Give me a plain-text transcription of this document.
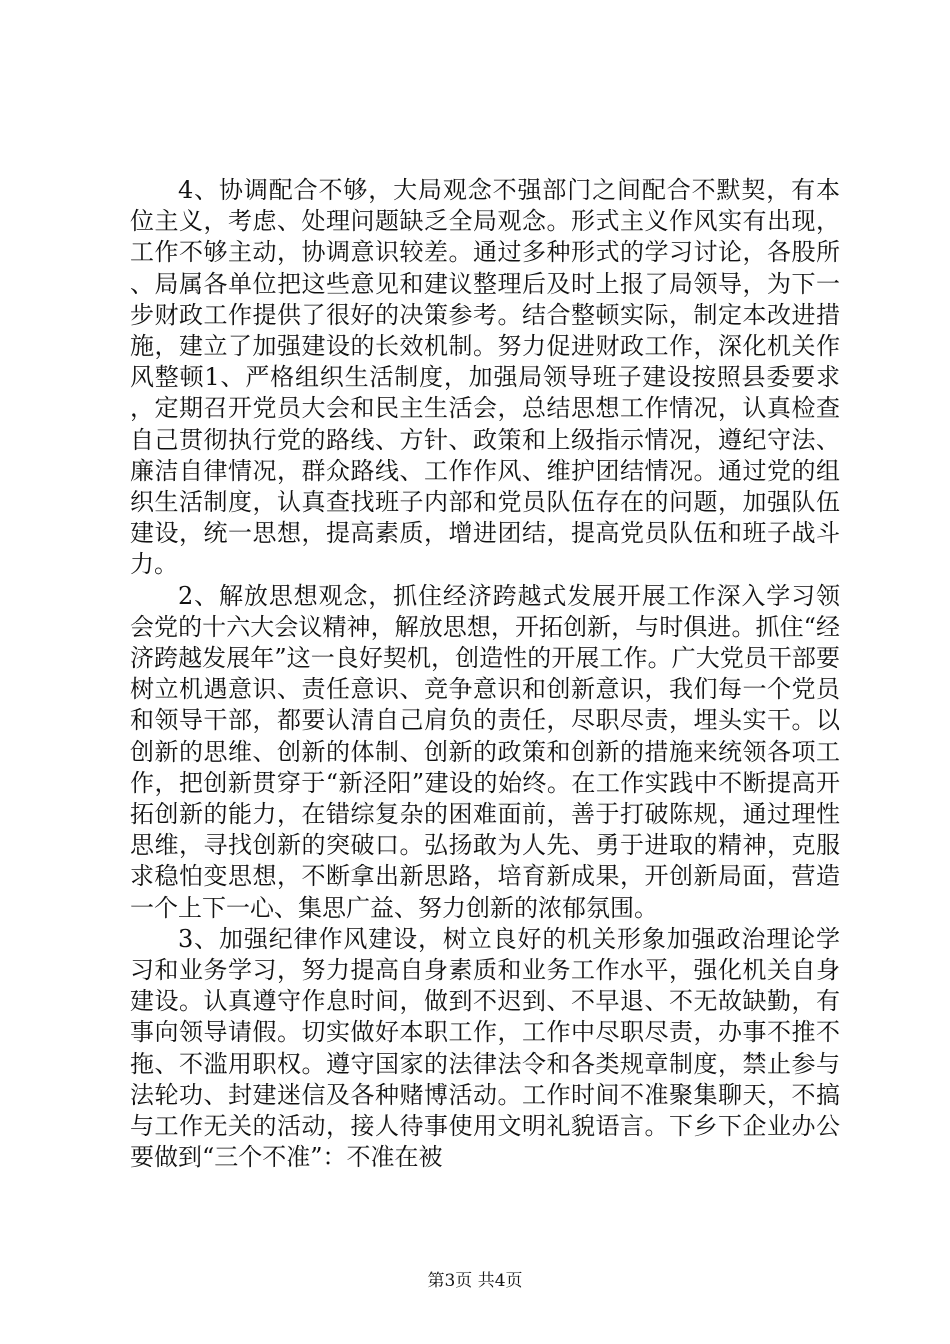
4、协调配合不够，大局观念不强部门之间配合不默契，有本位主义，考虑、处理问题缺乏全局观念。形式主义作风实有出现，工作不够主动，协调意识较差。通过多种形式的学习讨论，各股所、局属各单位把这些意见和建议整理后及时上报了局领导，为下一步财政工作提供了很好的决策参考。结合整顿实际，制定本改进措施，建立了加强建设的长效机制。努力促进财政工作，深化机关作风整顿1、严格组织生活制度，加强局领导班子建设按照县委要求，定期召开党员大会和民主生活会，总结思想工作情况，认真检查自己贯彻执行党的路线、方针、政策和上级指示情况，遵纪守法、廉洁自律情况，群众路线、工作作风、维护团结情况。通过党的组织生活制度，认真查找班子内部和党员队伍存在的问题，加强队伍建设，统一思想，提高素质，增进团结，提高党员队伍和班子战斗力。

2、解放思想观念，抓住经济跨越式发展开展工作深入学习领会党的十六大会议精神，解放思想，开拓创新，与时俱进。抓住“经济跨越发展年”这一良好契机，创造性的开展工作。广大党员干部要树立机遇意识、责任意识、竞争意识和创新意识，我们每一个党员和领导干部，都要认清自己肩负的责任，尽职尽责，埋头实干。以创新的思维、创新的体制、创新的政策和创新的措施来统领各项工作，把创新贯穿于“新泾阳”建设的始终。在工作实践中不断提高开拓创新的能力，在错综复杂的困难面前，善于打破陈规，通过理性思维，寻找创新的突破口。弘扬敢为人先、勇于进取的精神，克服求稳怕变思想，不断拿出新思路，培育新成果，开创新局面，营造一个上下一心、集思广益、努力创新的浓郁氛围。

3、加强纪律作风建设，树立良好的机关形象加强政治理论学习和业务学习，努力提高自身素质和业务工作水平，强化机关自身建设。认真遵守作息时间，做到不迟到、不早退、不无故缺勤，有事向领导请假。切实做好本职工作，工作中尽职尽责，办事不推不拖、不滥用职权。遵守国家的法律法令和各类规章制度，禁止参与法轮功、封建迷信及各种赌博活动。工作时间不准聚集聊天，不搞与工作无关的活动，接人待事使用文明礼貌语言。下乡下企业办公要做到“三个不准”：不准在被

第3页 共4页
